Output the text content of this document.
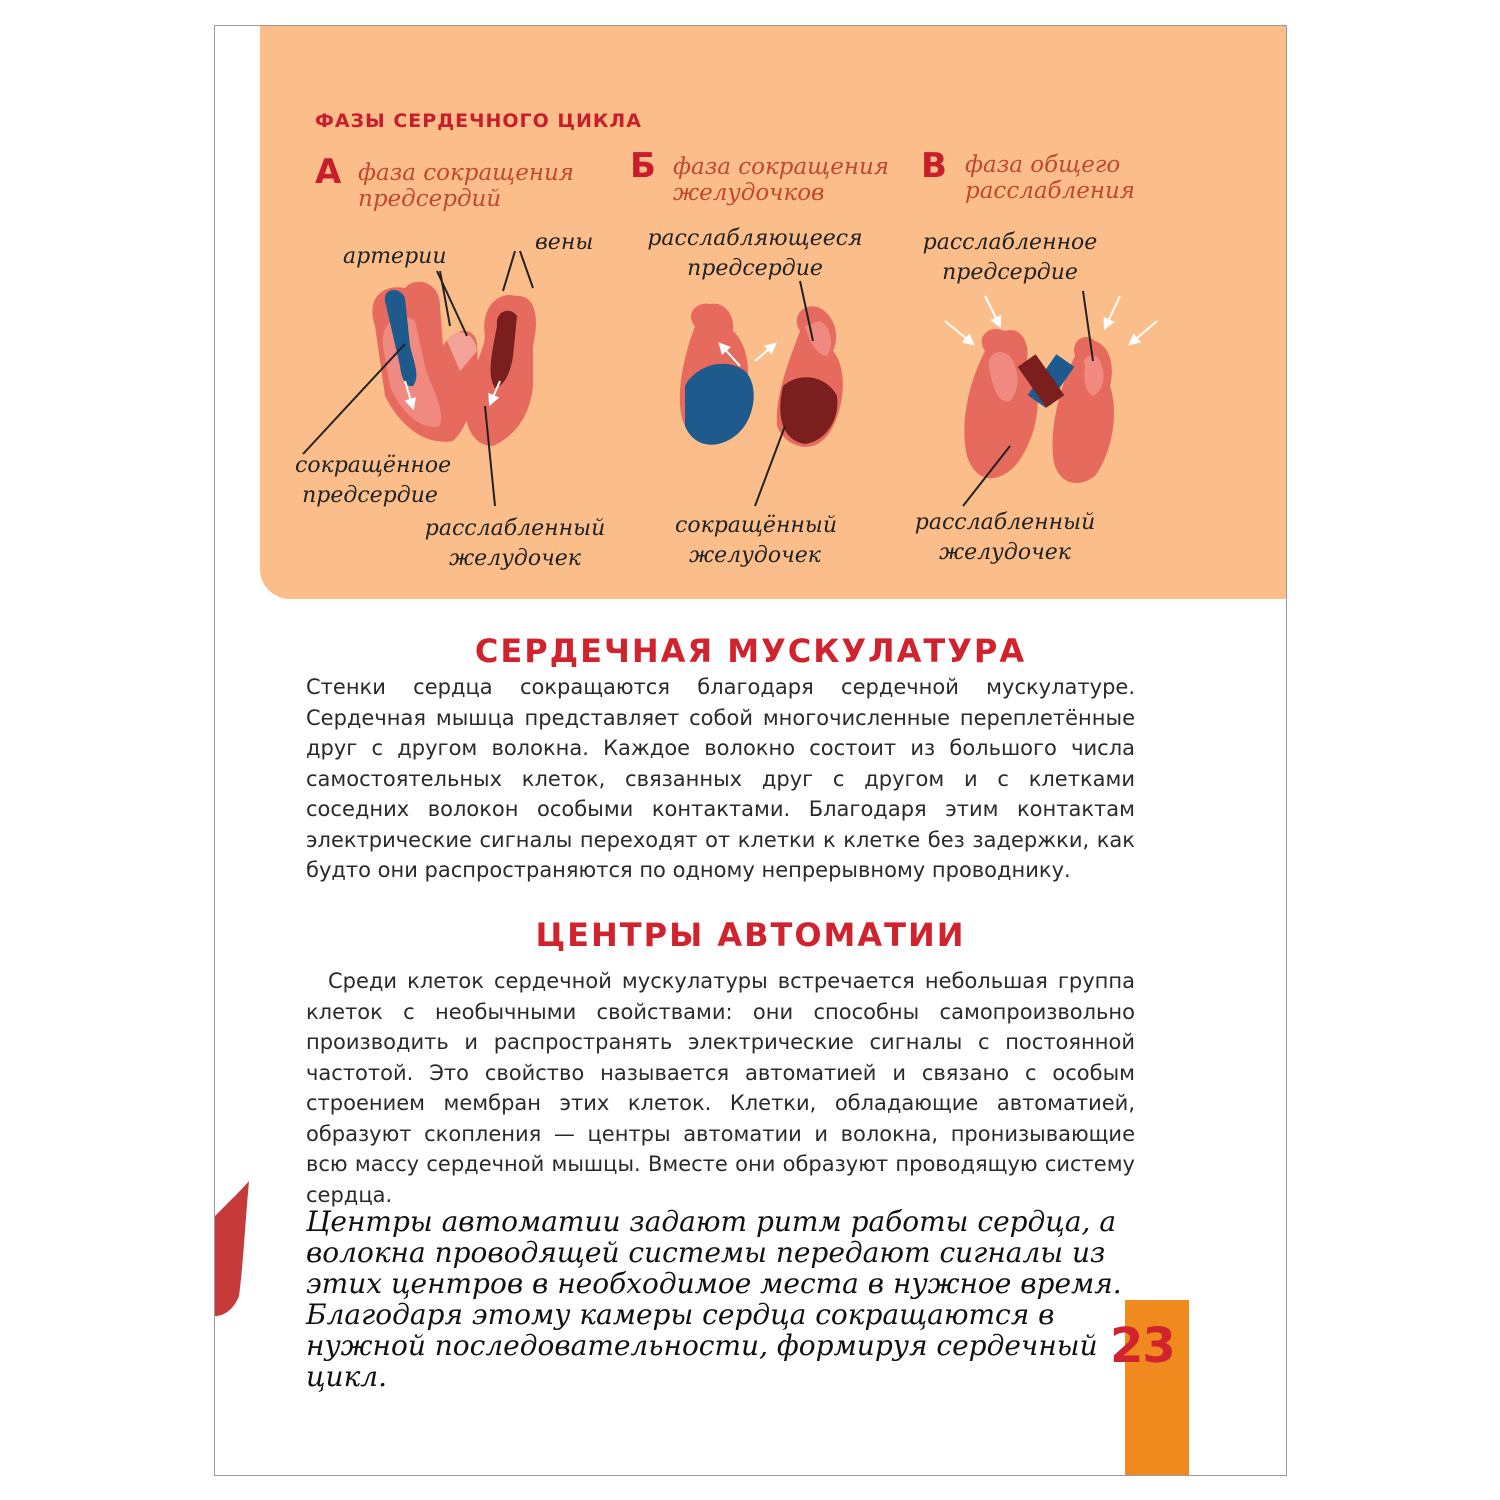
ФАЗЫ СЕРДЕЧНОГО ЦИКЛА
А фаза сокращения предсердий
Б фаза сокращения желудочков
В фаза общего расслабления
вены
артерии
сокращённое предсердие
расслабленный желудочек
расслабляющееся предсердие
сокращённый желудочек
расслабленное предсердие
расслабленный желудочек
СЕРДЕЧНАЯ МУСКУЛАТУРА
Стенки сердца сокращаются благодаря сердечной мускулатуре. Сердечная мышца представляет собой многочисленные переплетённые друг с другом волокна. Каждое волокно состоит из большого числа самостоятельных клеток, связанных друг с другом и с клетками соседних волокон особыми контактами. Благодаря этим контактам электрические сигналы переходят от клетки к клетке без задержки, как будто они распространяются по одному непрерывному проводнику.
ЦЕНТРЫ АВТОМАТИИ
Среди клеток сердечной мускулатуры встречается небольшая группа клеток с необычными свойствами: они способны самопроизвольно производить и распространять электрические сигналы с постоянной частотой. Это свойство называется автоматией и связано с особым строением мембран этих клеток. Клетки, обладающие автоматией, образуют скопления — центры автоматии и волокна, пронизывающие всю массу сердечной мышцы. Вместе они образуют проводящую систему сердца.
Центры автоматии задают ритм работы сердца, а волокна проводящей системы передают сигналы из этих центров в необходимое места в нужное время. Благодаря этому камеры сердца сокращаются в нужной последовательности, формируя сердечный цикл.
23
